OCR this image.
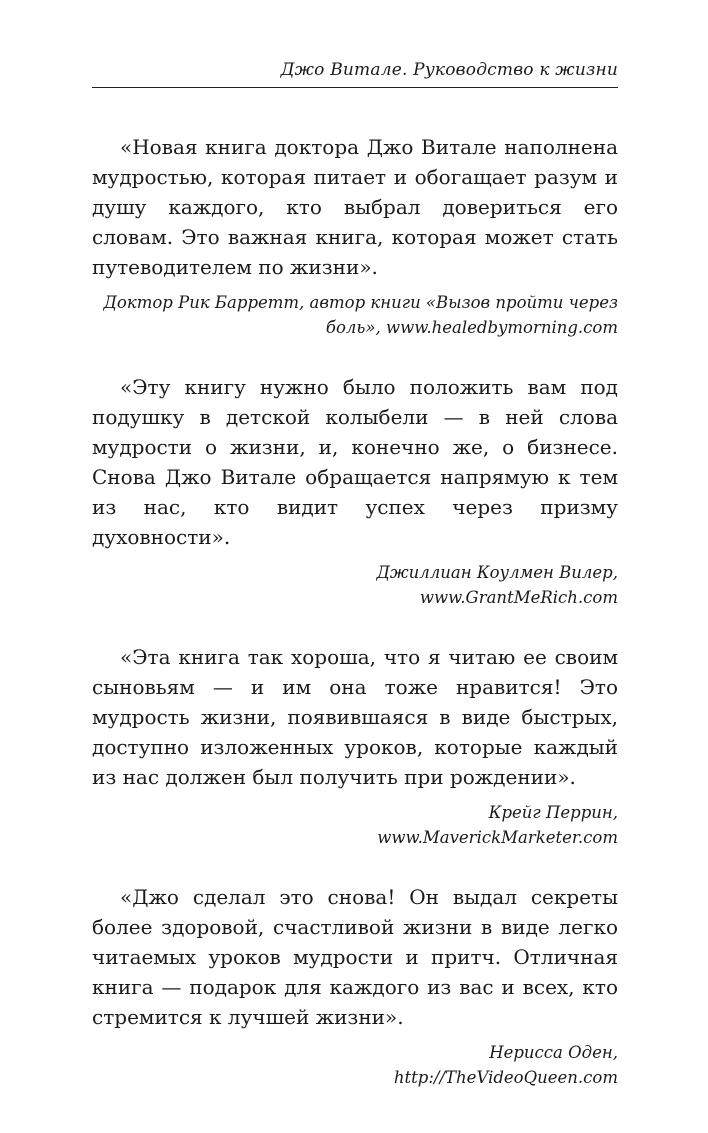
Джо Витале. Руководство к жизни

«Новая книга доктора Джо Витале наполнена мудростью, которая питает и обогащает разум и душу каждого, кто выбрал довериться его словам. Это важная книга, которая может стать путеводителем по жизни».

Доктор Рик Барретт, автор книги «Вызов пройти через
боль», www.healedbymorning.com

«Эту книгу нужно было положить вам под подушку в детской колыбели — в ней слова мудрости о жизни, и, конечно же, о бизнесе. Снова Джо Витале обращается напрямую к тем из нас, кто видит успех через призму духовности».

Джиллиан Коулмен Вилер,
www.GrantMeRich.com

«Эта книга так хороша, что я читаю ее своим сыновьям — и им она тоже нравится! Это мудрость жизни, появившаяся в виде быстрых, доступно изложенных уроков, которые каждый из нас должен был получить при рождении».

Крейг Перрин,
www.MaverickMarketer.com

«Джо сделал это снова! Он выдал секреты более здоровой, счастливой жизни в виде легко читаемых уроков мудрости и притч. Отличная книга — подарок для каждого из вас и всех, кто стремится к лучшей жизни».

Нерисса Оден,
http://TheVideoQueen.com
